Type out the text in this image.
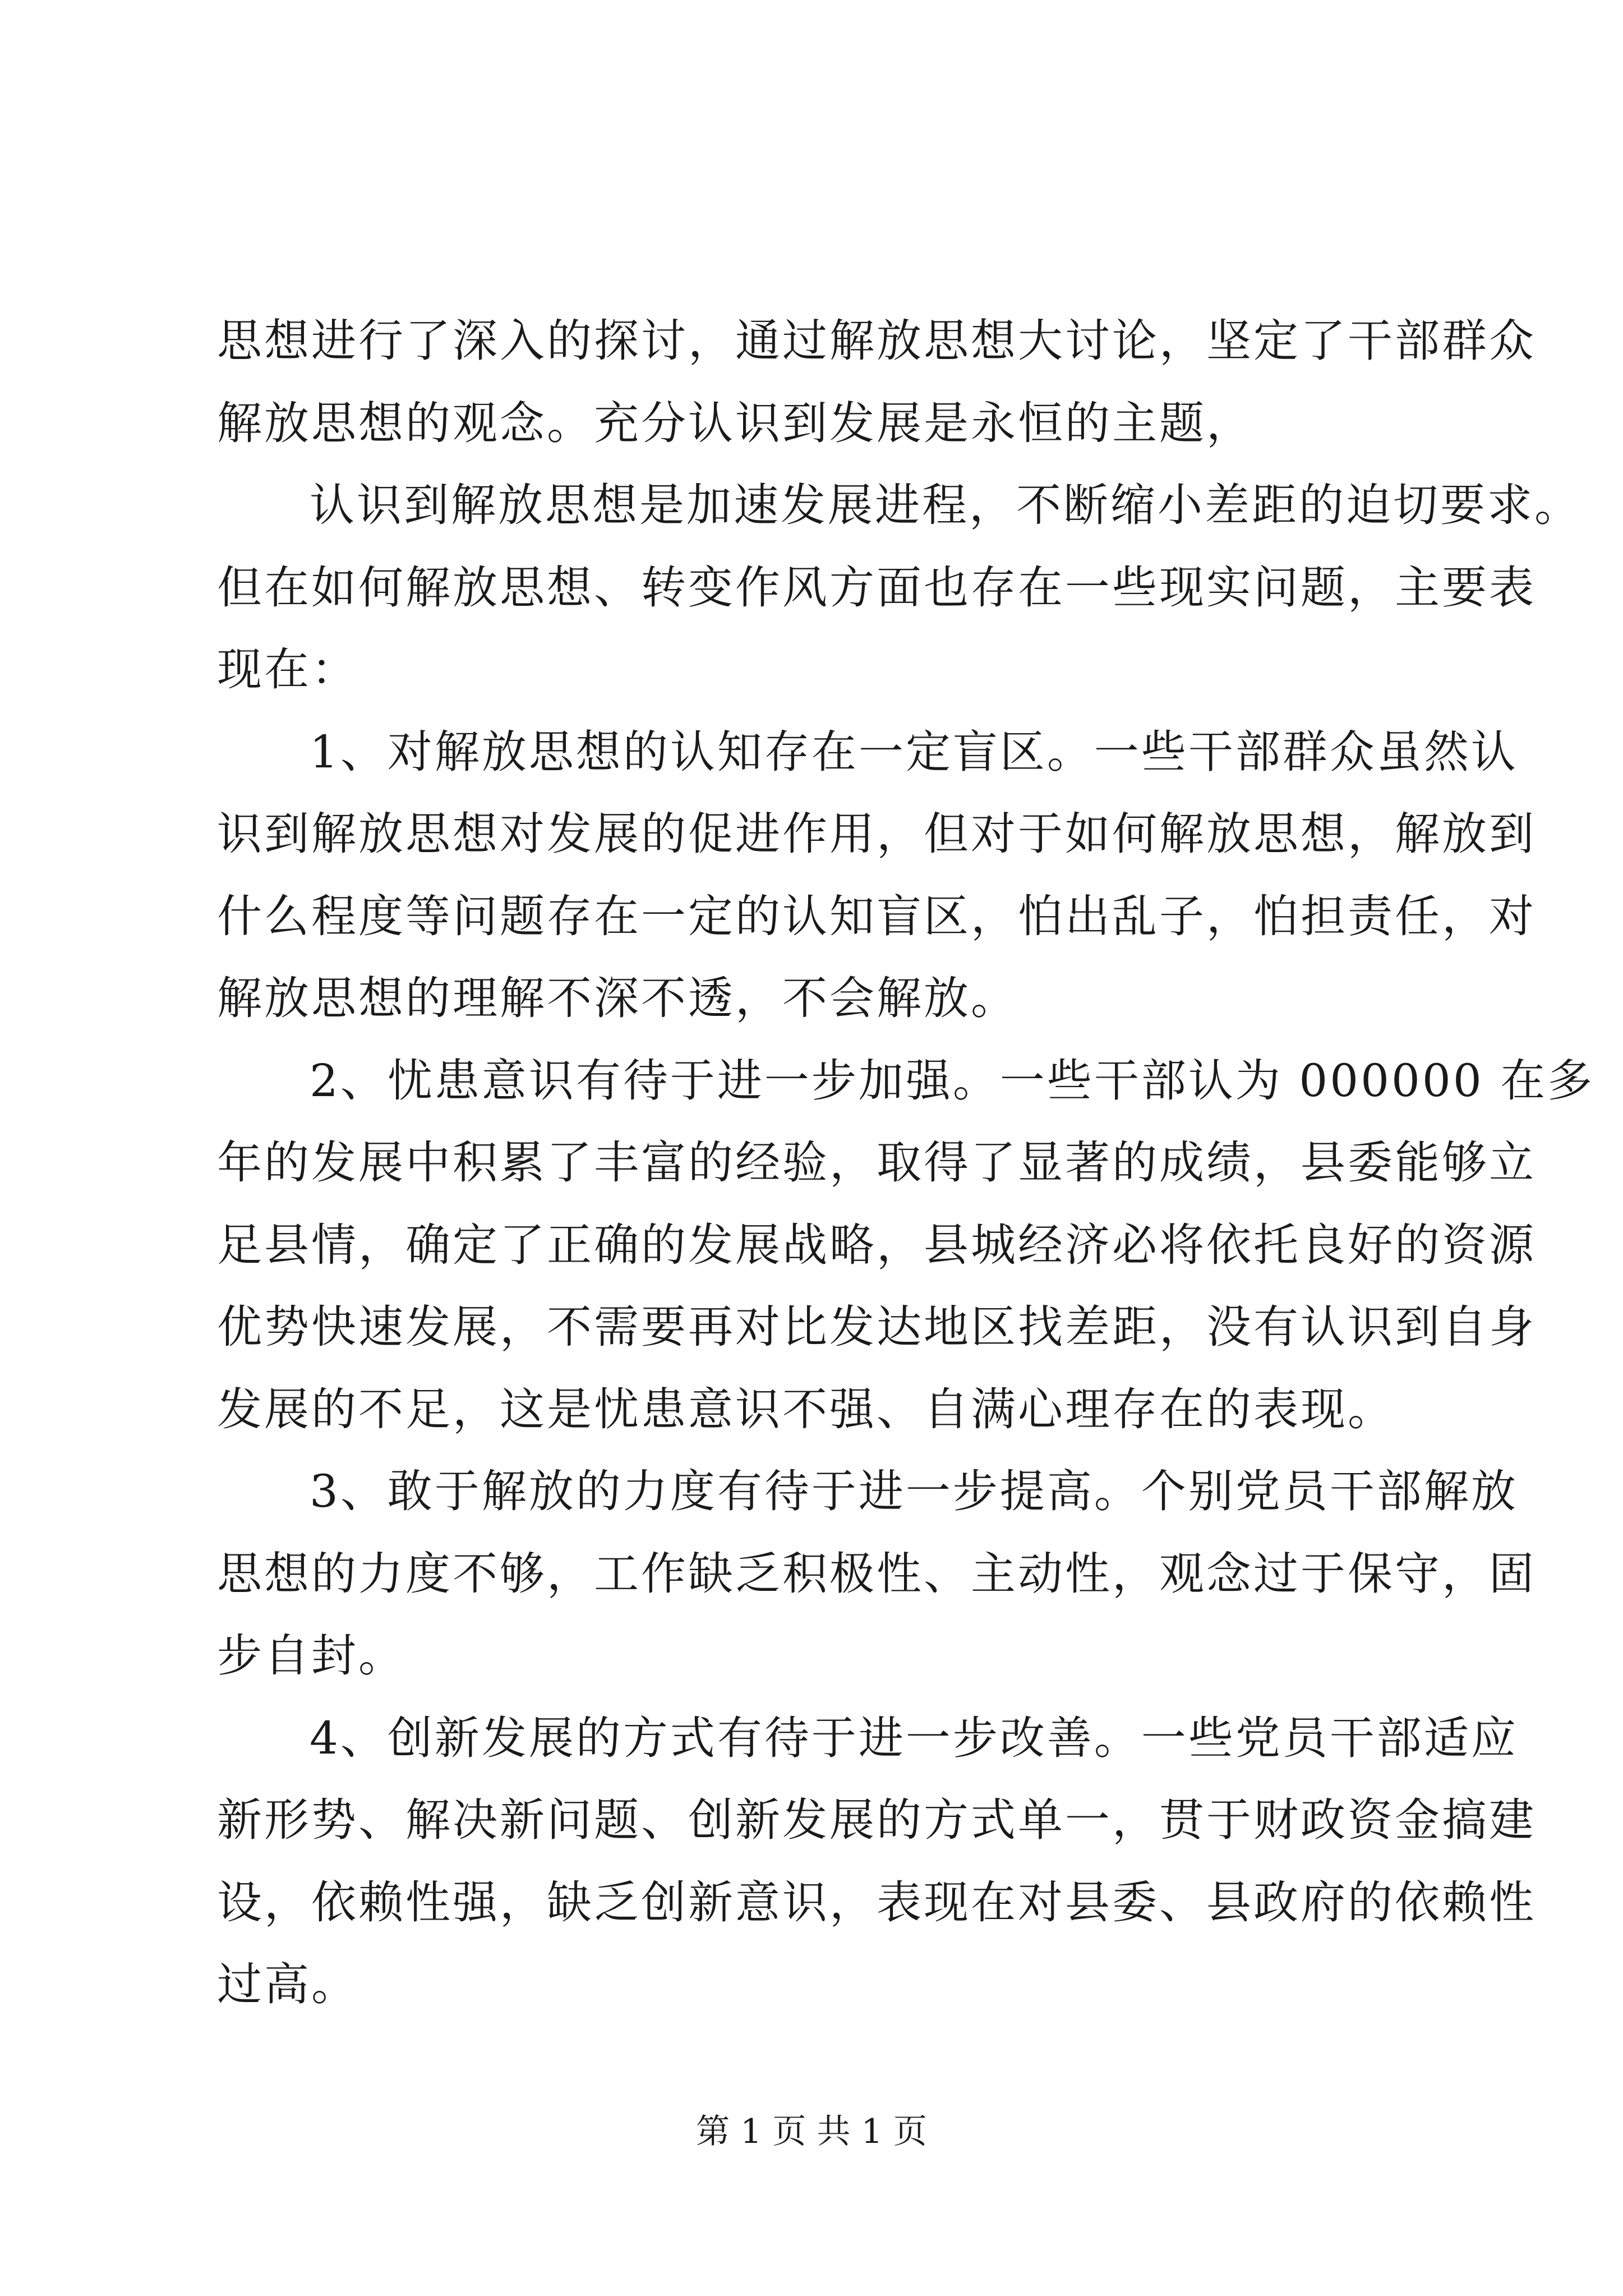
思想进行了深入的探讨，通过解放思想大讨论，坚定了干部群众
解放思想的观念。充分认识到发展是永恒的主题，
认识到解放思想是加速发展进程，不断缩小差距的迫切要求。
但在如何解放思想、转变作风方面也存在一些现实问题，主要表
现在：
1、对解放思想的认知存在一定盲区。一些干部群众虽然认
识到解放思想对发展的促进作用，但对于如何解放思想，解放到
什么程度等问题存在一定的认知盲区，怕出乱子，怕担责任，对
解放思想的理解不深不透，不会解放。
2、忧患意识有待于进一步加强。一些干部认为 000000 在多
年的发展中积累了丰富的经验，取得了显著的成绩，县委能够立
足县情，确定了正确的发展战略，县城经济必将依托良好的资源
优势快速发展，不需要再对比发达地区找差距，没有认识到自身
发展的不足，这是忧患意识不强、自满心理存在的表现。
3、敢于解放的力度有待于进一步提高。个别党员干部解放
思想的力度不够，工作缺乏积极性、主动性，观念过于保守，固
步自封。
4、创新发展的方式有待于进一步改善。一些党员干部适应
新形势、解决新问题、创新发展的方式单一，贯于财政资金搞建
设，依赖性强，缺乏创新意识，表现在对县委、县政府的依赖性
过高。
第 1 页 共 1 页
